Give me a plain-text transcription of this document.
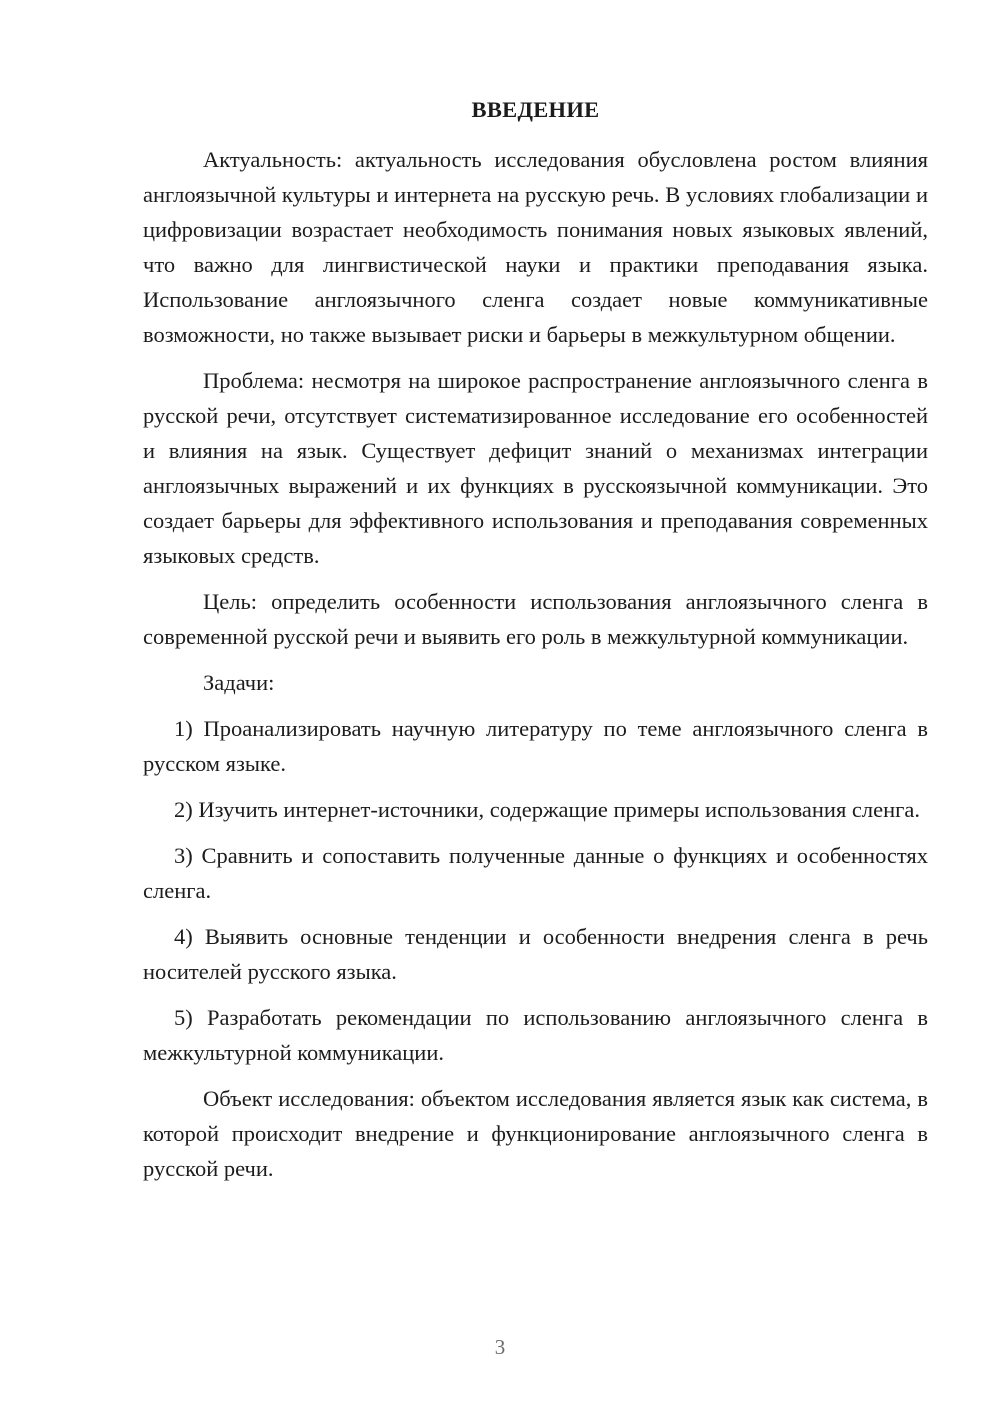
ВВЕДЕНИЕ

Актуальность: актуальность исследования обусловлена ростом влияния англоязычной культуры и интернета на русскую речь. В условиях глобализации и цифровизации возрастает необходимость понимания новых языковых явлений, что важно для лингвистической науки и практики преподавания языка. Использование англоязычного сленга создает новые коммуникативные возможности, но также вызывает риски и барьеры в межкультурном общении.

Проблема: несмотря на широкое распространение англоязычного сленга в русской речи, отсутствует систематизированное исследование его особенностей и влияния на язык. Существует дефицит знаний о механизмах интеграции англоязычных выражений и их функциях в русскоязычной коммуникации. Это создает барьеры для эффективного использования и преподавания современных языковых средств.

Цель: определить особенности использования англоязычного сленга в современной русской речи и выявить его роль в межкультурной коммуникации.

Задачи:

1) Проанализировать научную литературу по теме англоязычного сленга в русском языке.

2) Изучить интернет-источники, содержащие примеры использования сленга.

3) Сравнить и сопоставить полученные данные о функциях и особенностях сленга.

4) Выявить основные тенденции и особенности внедрения сленга в речь носителей русского языка.

5) Разработать рекомендации по использованию англоязычного сленга в межкультурной коммуникации.

Объект исследования: объектом исследования является язык как система, в которой происходит внедрение и функционирование англоязычного сленга в русской речи.

3
